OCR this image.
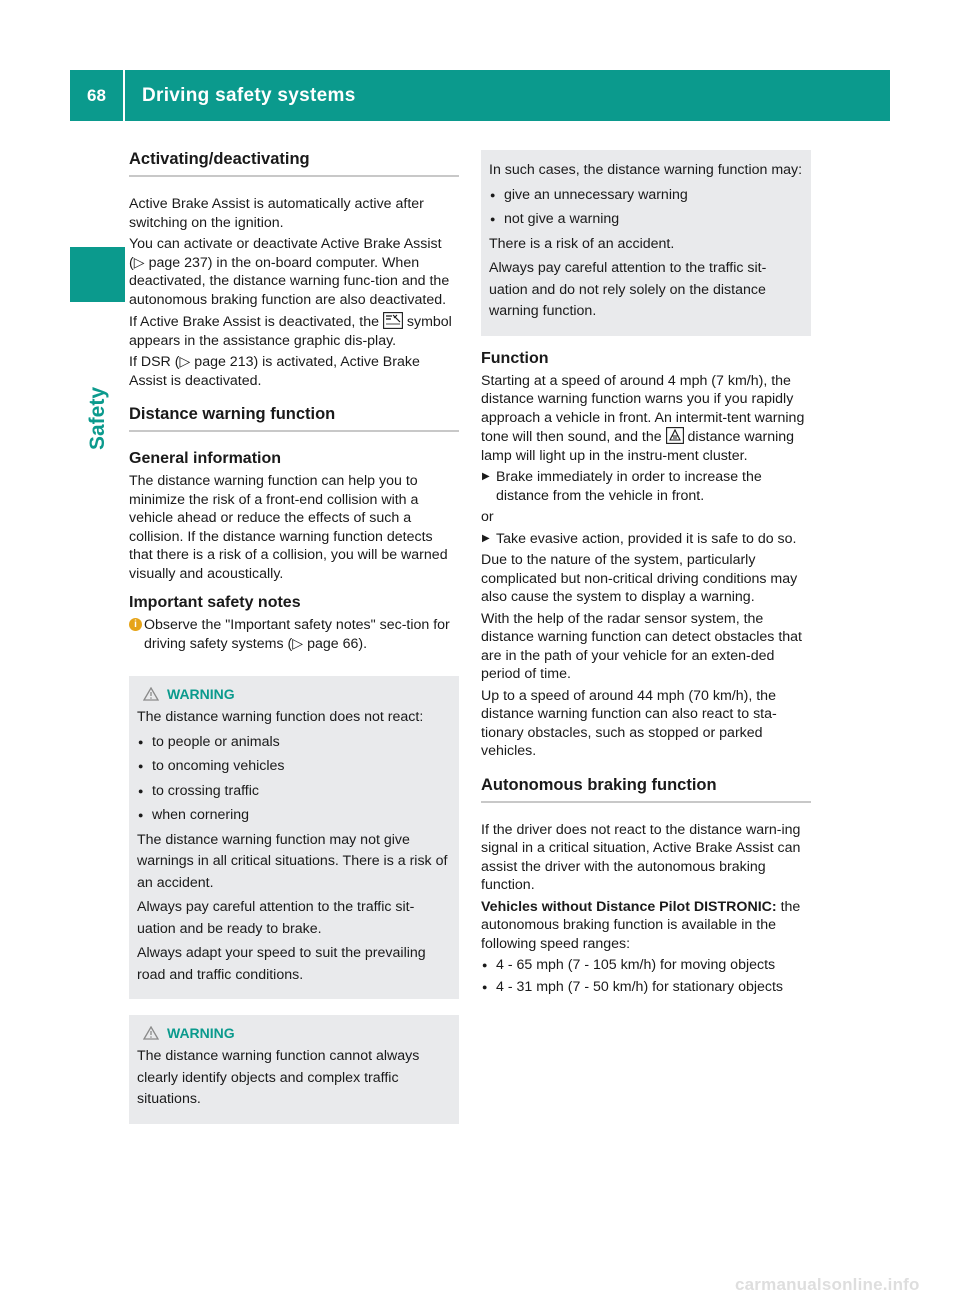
68	Driving safety systems
Safety
Activating/deactivating

Active Brake Assist is automatically active after switching on the ignition.

You can activate or deactivate Active Brake Assist (▷ page 237) in the on-board computer. When deactivated, the distance warning func-tion and the autonomous braking function are also deactivated.

If Active Brake Assist is deactivated, the symbol appears in the assistance graphic dis-play.

If DSR (▷ page 213) is activated, Active Brake Assist is deactivated.

Distance warning function
General information

The distance warning function can help you to minimize the risk of a front-end collision with a vehicle ahead or reduce the effects of such a collision. If the distance warning function detects that there is a risk of a collision, you will be warned visually and acoustically.

Important safety notes

i Observe the "Important safety notes" sec-tion for driving safety systems (▷ page 66).

WARNING

The distance warning function does not react:

● to people or animals

● to oncoming vehicles

● to crossing traffic

● when cornering

The distance warning function may not give warnings in all critical situations. There is a risk of an accident.

Always pay careful attention to the traffic sit-uation and be ready to brake.

Always adapt your speed to suit the prevailing road and traffic conditions.

WARNING

The distance warning function cannot always clearly identify objects and complex traffic situations.

In such cases, the distance warning function may:

● give an unnecessary warning

● not give a warning

There is a risk of an accident.

Always pay careful attention to the traffic sit-uation and do not rely solely on the distance warning function.

Function

Starting at a speed of around 4 mph (7 km/h), the distance warning function warns you if you rapidly approach a vehicle in front. An intermit-tent warning tone will then sound, and the distance warning lamp will light up in the instru-ment cluster.

▶ Brake immediately in order to increase the distance from the vehicle in front.

or

▶ Take evasive action, provided it is safe to do so.

Due to the nature of the system, particularly complicated but non-critical driving conditions may also cause the system to display a warning.

With the help of the radar sensor system, the distance warning function can detect obstacles that are in the path of your vehicle for an exten-ded period of time.

Up to a speed of around 44 mph (70 km/h), the distance warning function can also react to sta-tionary obstacles, such as stopped or parked vehicles.

Autonomous braking function

If the driver does not react to the distance warn-ing signal in a critical situation, Active Brake Assist can assist the driver with the autonomous braking function.

Vehicles without Distance Pilot DISTRONIC: the autonomous braking function is available in the following speed ranges:

● 4 - 65 mph (7 - 105 km/h) for moving objects

● 4 - 31 mph (7 - 50 km/h) for stationary objects

carmanualsonline.info
